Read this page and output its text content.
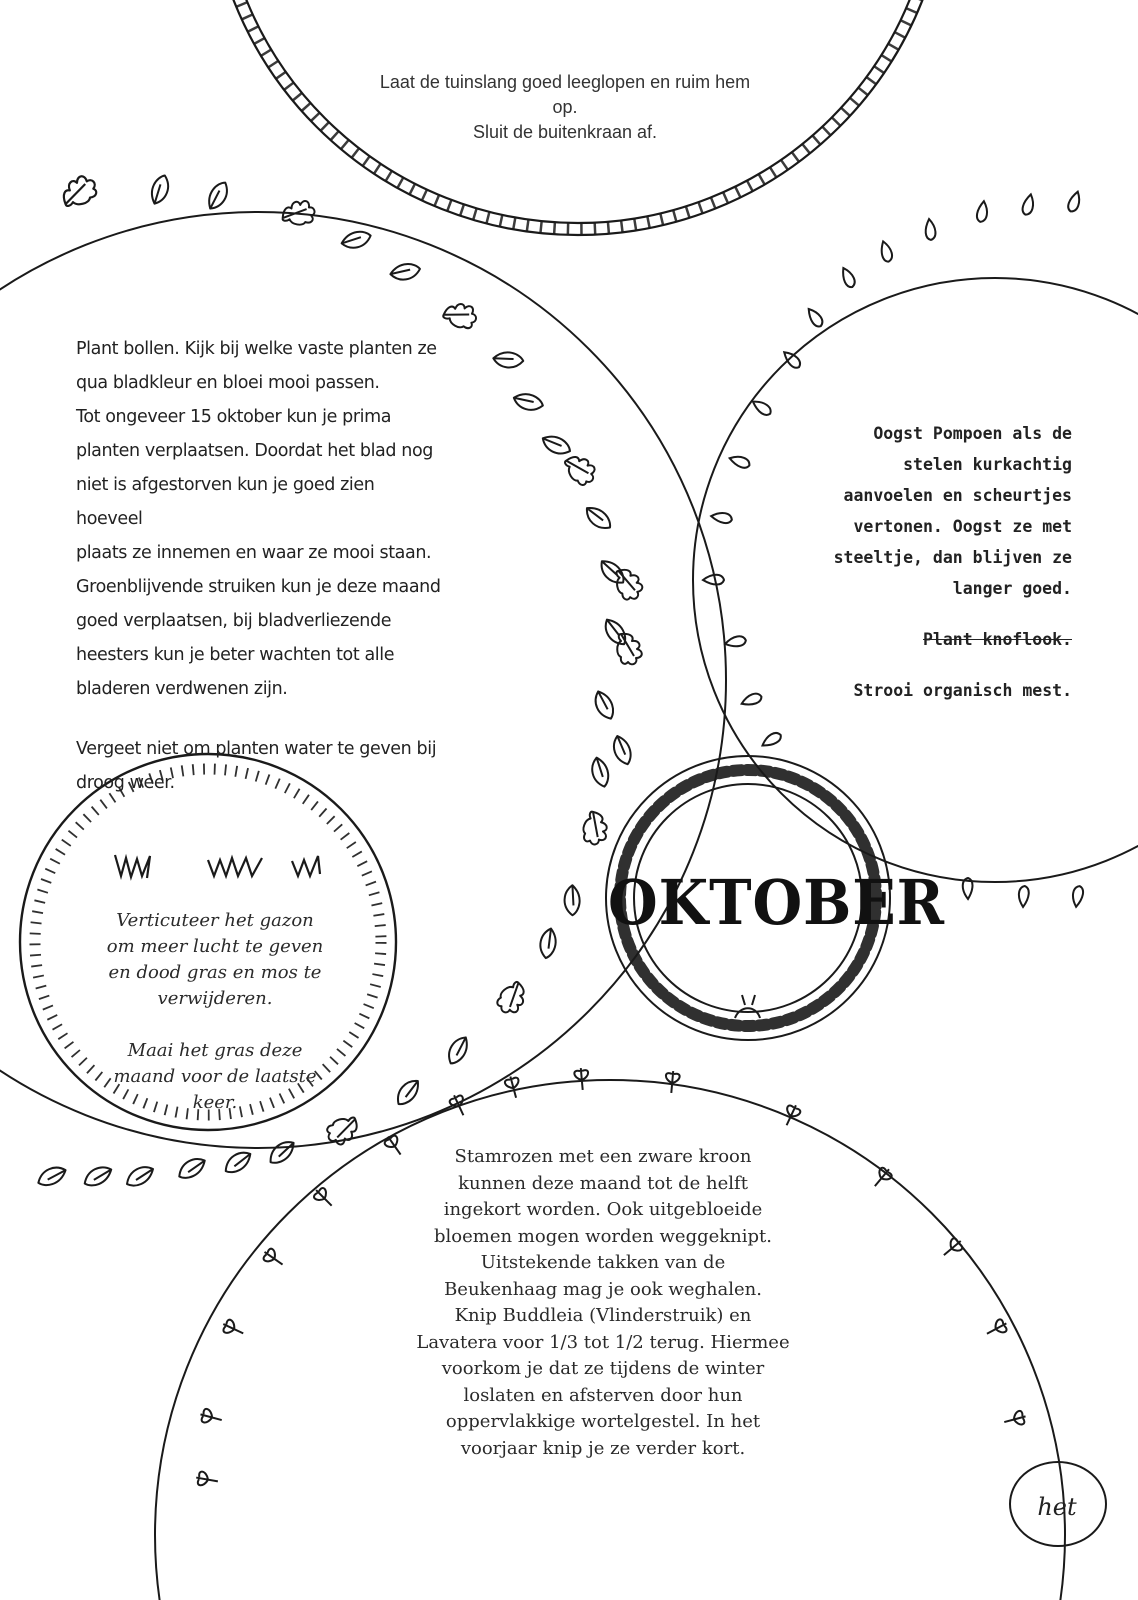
Laat de tuinslang goed leeglopen en ruim hem

op.

Sluit de buitenkraan af.

Plant bollen. Kijk bij welke vaste planten ze

qua bladkleur en bloei mooi passen.

Tot ongeveer 15 oktober kun je prima

planten verplaatsen. Doordat het blad nog

niet is afgestorven kun je goed zien hoeveel

plaats ze innemen en waar ze mooi staan.

Groenblijvende struiken kun je deze maand

goed verplaatsen, bij bladverliezende

heesters kun je beter wachten tot alle

bladeren verdwenen zijn.

Vergeet niet om planten water te geven bij

droog weer.

Oogst Pompoen als de

stelen kurkachtig

aanvoelen en scheurtjes

vertonen. Oogst ze met

steeltje, dan blijven ze

langer goed.

Plant knoflook.

Strooi organisch mest.

Verticuteer het gazon

om meer lucht te geven

en dood gras en mos te

verwijderen.

Maai het gras deze

maand voor de laatste

keer.

OKTOBER

Stamrozen met een zware kroon

kunnen deze maand tot de helft

ingekort worden. Ook uitgebloeide

bloemen mogen worden weggeknipt.

Uitstekende takken van de

Beukenhaag mag je ook weghalen.

Knip Buddleia (Vlinderstruik) en

Lavatera voor 1/3 tot 1/2 terug. Hiermee

voorkom je dat ze tijdens de winter

loslaten en afsterven door hun

oppervlakkige wortelgestel. In het

voorjaar knip je ze verder kort.

het
